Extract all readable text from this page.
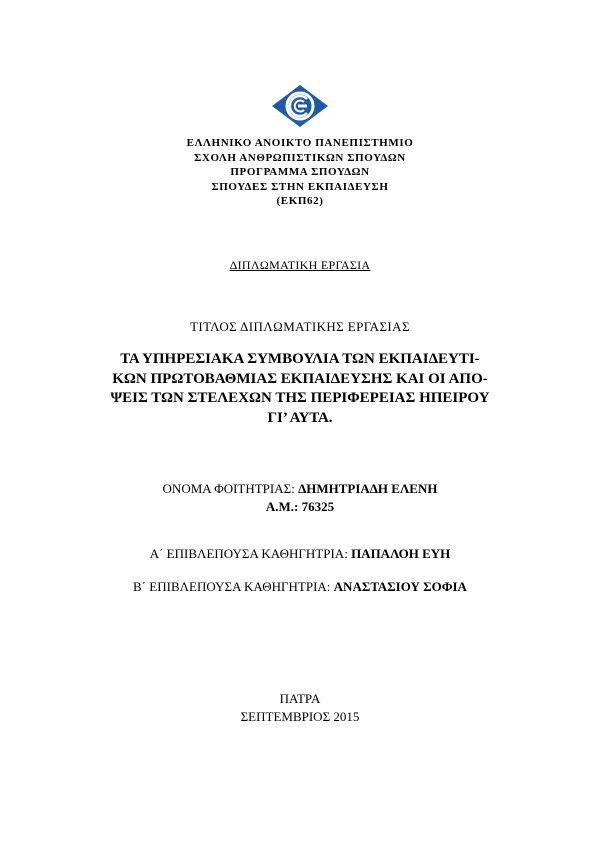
ΕΛΛΗΝΙΚΟ ΑΝΟΙΚΤΟ ΠΑΝΕΠΙΣΤΗΜΙΟ
ΣΧΟΛΗ ΑΝΘΡΩΠΙΣΤΙΚΩΝ ΣΠΟΥΔΩΝ
ΠΡΟΓΡΑΜΜΑ ΣΠΟΥΔΩΝ
ΣΠΟΥΔΕΣ ΣΤΗΝ ΕΚΠΑΙΔΕΥΣΗ
(ΕΚΠ62)
ΔΙΠΛΩΜΑΤΙΚΗ ΕΡΓΑΣΙΑ
ΤΙΤΛΟΣ ΔΙΠΛΩΜΑΤΙΚΗΣ ΕΡΓΑΣΙΑΣ
ΤΑ ΥΠΗΡΕΣΙΑΚΑ ΣΥΜΒΟΥΛΙΑ ΤΩΝ ΕΚΠΑΙΔΕΥΤΙ-
ΚΩΝ ΠΡΩΤΟΒΑΘΜΙΑΣ ΕΚΠΑΙΔΕΥΣΗΣ ΚΑΙ ΟΙ ΑΠΟ-
ΨΕΙΣ ΤΩΝ ΣΤΕΛΕΧΩΝ ΤΗΣ ΠΕΡΙΦΕΡΕΙΑΣ ΗΠΕΙΡΟΥ
ΓΙ’ ΑΥΤΑ.
ΟΝΟΜΑ ΦΟΙΤΗΤΡΙΑΣ: ΔΗΜΗΤΡΙΑΔΗ ΕΛΕΝΗ
Α.Μ.: 76325
Α΄ ΕΠΙΒΛΕΠΟΥΣΑ ΚΑΘΗΓΗΤΡΙΑ: ΠΑΠΑΛΟΗ ΕΥΗ
Β΄ ΕΠΙΒΛΕΠΟΥΣΑ ΚΑΘΗΓΗΤΡΙΑ: ΑΝΑΣΤΑΣΙΟΥ ΣΟΦΙΑ
ΠΑΤΡΑ
ΣΕΠΤΕΜΒΡΙΟΣ 2015
